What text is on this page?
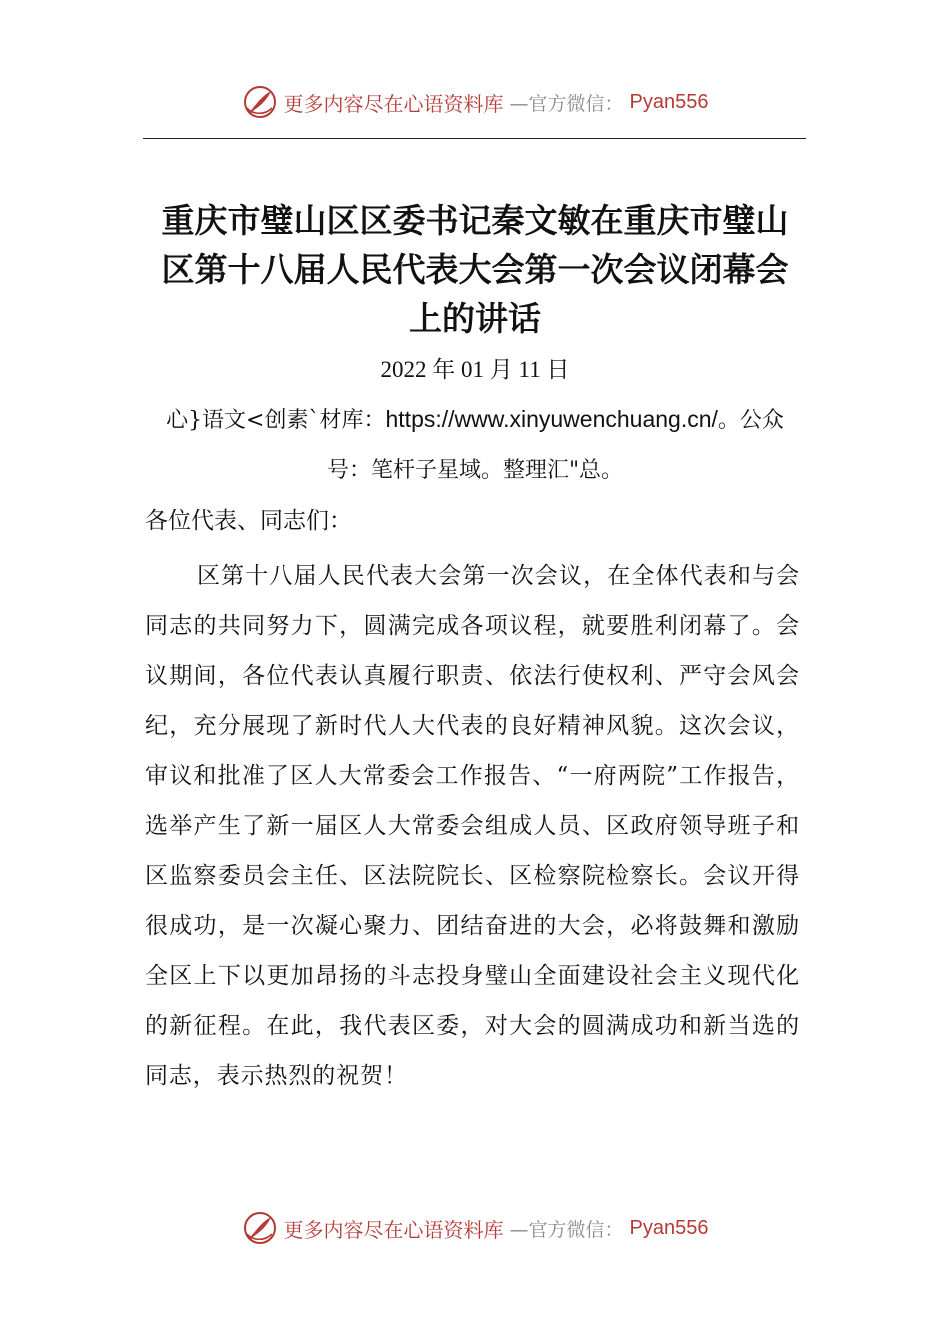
更多内容尽在心语资料库 —官方微信： Pyan556
重庆市璧山区区委书记秦文敏在重庆市璧山区第十八届人民代表大会第一次会议闭幕会上的讲话
2022 年 01 月 11 日
心}语文<创素`材库：https://www.xinyuwenchuang.cn/。公众号：笔杆子星域。整理汇"总。
各位代表、同志们：

区第十八届人民代表大会第一次会议，在全体代表和与会同志的共同努力下，圆满完成各项议程，就要胜利闭幕了。会议期间，各位代表认真履行职责、依法行使权利、严守会风会纪，充分展现了新时代人大代表的良好精神风貌。这次会议，审议和批准了区人大常委会工作报告、“一府两院”工作报告，选举产生了新一届区人大常委会组成人员、区政府领导班子和区监察委员会主任、区法院院长、区检察院检察长。会议开得很成功，是一次凝心聚力、团结奋进的大会，必将鼓舞和激励全区上下以更加昂扬的斗志投身璧山全面建设社会主义现代化的新征程。在此，我代表区委，对大会的圆满成功和新当选的同志，表示热烈的祝贺！

更多内容尽在心语资料库 —官方微信： Pyan556
